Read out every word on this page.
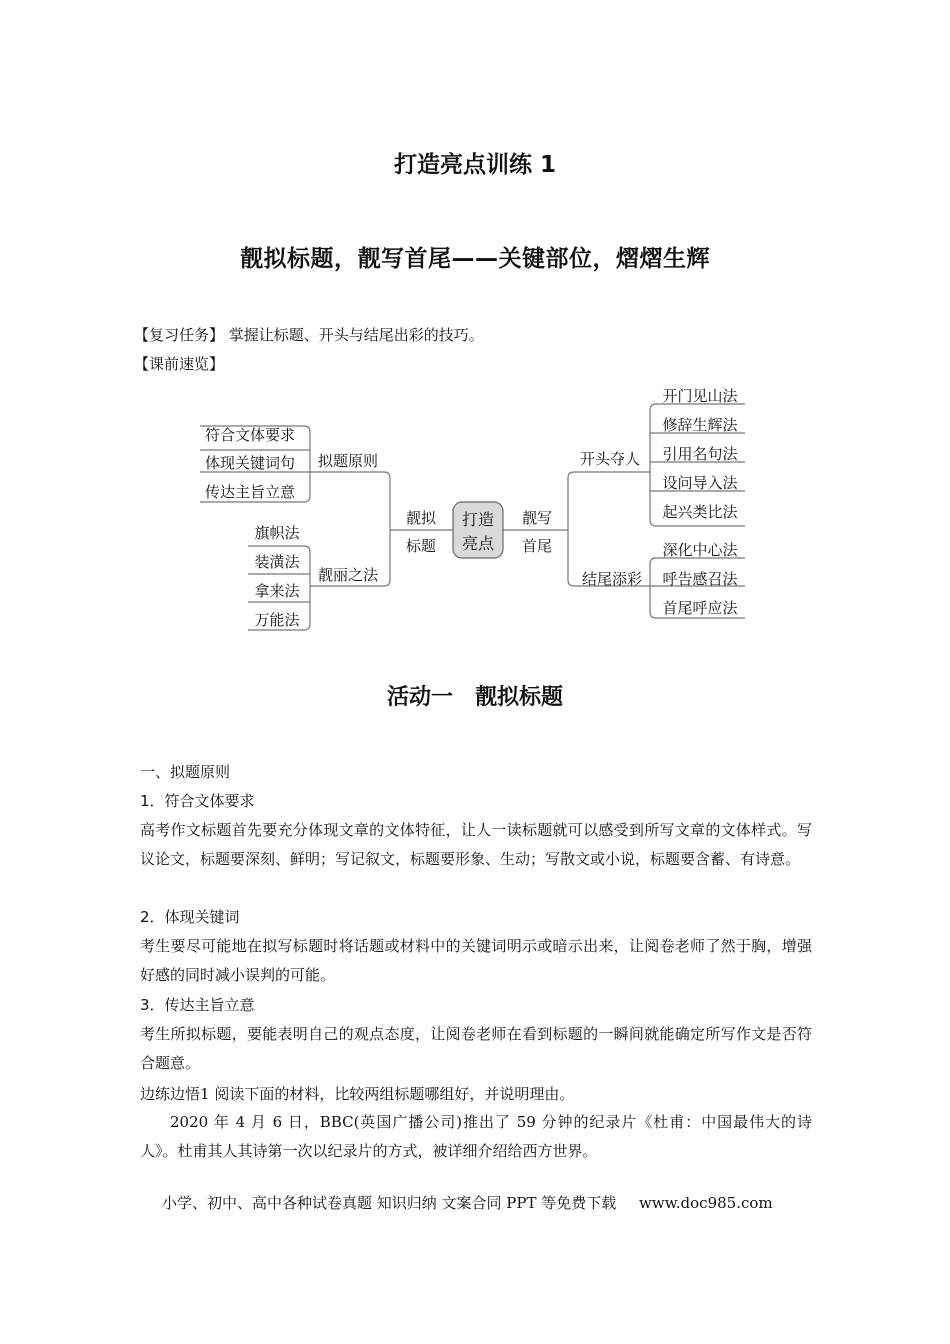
打造亮点训练 1
靓拟标题，靓写首尾——关键部位，熠熠生辉
【复习任务】 掌握让标题、开头与结尾出彩的技巧。
【课前速览】
打造
亮点
靓拟
标题
拟题原则
符合文体要求
体现关键词句
传达主旨立意
靓丽之法
旗帜法
装潢法
拿来法
万能法
靓写
首尾
开头夺人
开门见山法
修辞生辉法
引用名句法
设问导入法
起兴类比法
结尾添彩
深化中心法
呼告感召法
首尾呼应法
活动一　靓拟标题
一、拟题原则
1．符合文体要求
高考作文标题首先要充分体现文章的文体特征，让人一读标题就可以感受到所写文章的文体样式。写议论文，标题要深刻、鲜明；写记叙文，标题要形象、生动；写散文或小说，标题要含蓄、有诗意。
2．体现关键词
考生要尽可能地在拟写标题时将话题或材料中的关键词明示或暗示出来，让阅卷老师了然于胸，增强好感的同时减小误判的可能。
3．传达主旨立意
考生所拟标题，要能表明自己的观点态度，让阅卷老师在看到标题的一瞬间就能确定所写作文是否符合题意。
边练边悟1 阅读下面的材料，比较两组标题哪组好，并说明理由。
2020 年 4 月 6 日，BBC(英国广播公司)推出了 59 分钟的纪录片《杜甫：中国最伟大的诗人》。杜甫其人其诗第一次以纪录片的方式，被详细介绍给西方世界。
小学、初中、高中各种试卷真题 知识归纳 文案合同 PPT 等免费下载 www.doc985.com
